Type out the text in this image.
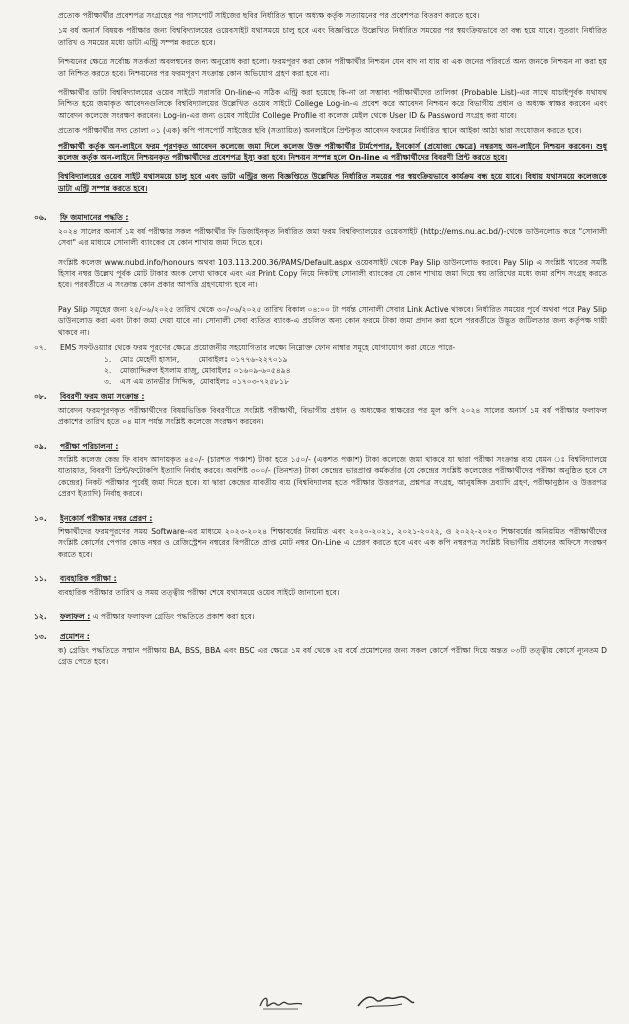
প্রত্যেক পরীক্ষার্থীর প্রবেশপত্র সংগ্রহের পর পাসপোর্ট সাইজের ছবির নির্ধারিত স্থানে অধ্যক্ষ কর্তৃক সত্যায়নের পর প্রবেশপত্র বিতরণ করতে হবে।

১ম বর্ষ অনার্স বিষয়ক পরীক্ষার জন্য বিশ্ববিদ্যালয়ের ওয়েবসাইট যথাসময়ে চালু হবে এবং বিজ্ঞপ্তিতে উল্লেখিত নির্ধারিত সময়ের পর স্বয়ংক্রিয়ভাবে তা বন্ধ হয়ে যাবে। সুতরাং নির্ধারিত তারিখ ও সময়ের মধ্যে ডাটা এন্ট্রি সম্পন্ন করতে হবে।

নিশ্চয়নের ক্ষেত্রে সর্বোচ্চ সতর্কতা অবলম্বনের জন্য অনুরোধ করা হলো। ফরমপূরণ করা কোন পরীক্ষার্থীর নিশ্চয়ন যেন বাদ না যায় বা এক জনের পরিবর্তে অন্য জনকে নিশ্চয়ন না করা হয় তা নিশ্চিত করতে হবে। নিশ্চয়নের পর ফরমপূরণ সংক্রান্ত কোন অভিযোগ গ্রহণ করা হবে না।

পরীক্ষার্থীর ডাটা বিশ্ববিদ্যালয়ের ওয়েব সাইটে সরাসরি On-line-এ সঠিক এন্ট্রি করা হয়েছে কি-না তা সম্ভাব্য পরীক্ষার্থীদের তালিকা (Probable List)-এর সাথে যাচাইপূর্বক যথাযথ নিশ্চিত হয়ে জমাকৃত আবেদনগুলিকে বিশ্ববিদ্যালয়ের উল্লেখিত ওয়েব সাইটে College Log-in-এ প্রবেশ করে আবেদন নিশ্চয়ন করে বিভাগীয় প্রধান ও অধ্যক্ষ স্বাক্ষর করবেন এবং আবেদন কলেজে সংরক্ষণ করবেন। Log-in-এর জন্য ওয়েব সাইটের College Profile বা কলেজ মেইল থেকে User ID & Password সংগ্রহ করা যাবে।

প্রত্যেক পরীক্ষার্থীর সদ্য তোলা ০১ (এক) কপি পাসপোর্ট সাইজের ছবি (সত্যায়িত) অনলাইনে প্রিন্টকৃত আবেদন ফরমের নির্ধারিত স্থানে আইকা আঠা দ্বারা সংযোজন করতে হবে।

পরীক্ষার্থী কর্তৃক অন-লাইনে ফরম পূরণকৃত আবেদন কলেজে জমা দিলে কলেজ উক্ত পরীক্ষার্থীর টার্মপেপার, ইনকোর্স (প্রযোজ্য ক্ষেত্রে) নম্বরসহ অন-লাইনে নিশ্চয়ন করবেন। শুধু কলেজ কর্তৃক অন-লাইনে নিশ্চয়নকৃত পরীক্ষার্থীদের প্রবেশপত্র ইস্যু করা হবে। নিশ্চয়ন সম্পন্ন হলে On-line এ পরীক্ষার্থীদের বিবরণী প্রিন্ট করতে হবে।

বিশ্ববিদ্যালয়ের ওয়েব সাইট যথাসময়ে চালু হবে এবং ডাটা এন্ট্রির জন্য বিজ্ঞপ্তিতে উল্লেখিত নির্ধারিত সময়ের পর স্বয়ংক্রিয়ভাবে কার্যক্রম বন্ধ হয়ে যাবে। বিধায় যথাসময়ে কলেজকে ডাটা এন্ট্রি সম্পন্ন করতে হবে।

০৬. ফি জমাদানের পদ্ধতি :

২০২৪ সালের অনার্স ১ম বর্ষ পরীক্ষার সকল পরীক্ষার্থীর ফি ডিজাইনকৃত নির্ধারিত জমা ফরম বিশ্ববিদ্যালয়ের ওয়েবসাইট (http://ems.nu.ac.bd/)-থেকে ডাউনলোড করে "সোনালী সেবা" এর মাধ্যমে সোনালী ব্যাংকের যে কোন শাখায় জমা দিতে হবে।

সংশ্লিষ্ট কলেজ www.nubd.info/honours অথবা 103.113.200.36/PAMS/Default.aspx ওয়েবসাইট থেকে Pay Slip ডাউনলোড করবে। Pay Slip এ সংশ্লিষ্ট খাতের সমষ্টি হিসাব নম্বর উল্লেখ পূর্বক মোট টাকার অংক লেখা থাকবে এবং এর Print Copy নিয়ে নিকটস্থ সোনালী ব্যাংকের যে কোন শাখায় জমা দিয়ে স্বয় তারিখের মধ্যে জমা রশিদ সংগ্রহ করতে হবে। পরবর্তীতে এ সংক্রান্ত কোন প্রকার আপত্তি গ্রহণযোগ্য হবে না।

Pay Slip সমূহের জন্য ২৫/০৬/২০২৫ তারিখ থেকে ৩০/০৬/২০২৫ তারিখ বিকাল ০৪:০০ টা পর্যন্ত সোনালী সেবার Link Active থাকবে। নির্ধারিত সময়ের পূর্বে অথবা পরে Pay Slip ডাউনলোড করা এবং টাকা জমা দেয়া যাবে না। সোনালী সেবা ব্যতিত ব্যাংক-এ প্রচলিত অন্য কোন ফরমে টাকা জমা প্রদান করা হলে পরবর্তীতে উদ্ভূত জটিলতার জন্য কর্তৃপক্ষ দায়ী থাকবে না।

০৭. EMS সফটওয়্যার থেকে ফরম পূরণের ক্ষেত্রে প্রয়োজনীয় সহযোগিতার লক্ষ্যে নিম্নোক্ত ফোন নাম্বার সমূহে যোগাযোগ করা যেতে পারে-

১. মোঃ মেহেদী হাসান,        মোবাইলঃ ০১৭৭৬-২২৭০১৯
২. মোজাদ্দিরুল ইসলাম রাজু, মোবাইলঃ ০১৬০৯-৬০৫৪৯৪
৩. এস এম তানভীর সিদ্দিক,  মোবাইলঃ ০১৭০৩-৭২৫৮১৮
০৮. বিবরণী ফরম জমা সংক্রান্ত :

আবেদন ফরমপূরণকৃত পরীক্ষার্থীদের বিষয়ভিত্তিক বিবরণীতে সংশ্লিষ্ট পরীক্ষার্থী, বিভাগীয় প্রধান ও অধ্যক্ষের স্বাক্ষরের পর মূল কপি ২০২৪ সালের অনার্স ১ম বর্ষ পরীক্ষার ফলাফল প্রকাশের তারিখ হতে ০৪ মাস পর্যন্ত সংশ্লিষ্ট কলেজে সংরক্ষণ করবেন।

০৯. পরীক্ষা পরিচালনা :

সংশ্লিষ্ট কলেজ কেন্দ্র ফি বাবদ আদায়কৃত ৪৫০/- (চারশত পঞ্চাশ) টাকা হতে ১৫০/- (একশত পঞ্চাশ) টাকা কলেজে জমা থাকবে যা দ্বারা পরীক্ষা সংক্রান্ত ব্যয় যেমন ঃ বিশ্ববিদ্যালয়ে যাতায়াত, বিবরণী প্রিন্ট/ফটোকপি ইত্যাদি নির্বাহ করবে। অবশিষ্ট ৩০০/- (তিনশত) টাকা কেন্দ্রের ভারপ্রাপ্ত কর্মকর্তার (যে কেন্দ্রের সংশ্লিষ্ট কলেজের পরীক্ষার্থীদের পরীক্ষা অনুষ্ঠিত হবে সে কেন্দ্রের) নিকট পরীক্ষার পূর্বেই জমা দিতে হবে। যা দ্বারা কেন্দ্রের যাবতীয় ব্যয় (বিশ্ববিদ্যালয় হতে পরীক্ষার উত্তরপত্র, প্রশ্নপত্র সংগ্রহ, আনুষঙ্গিক দ্রব্যাদি গ্রহণ, পরীক্ষানুষ্ঠান ও উত্তরপত্র প্রেরণ ইত্যাদি) নির্বাহ করবে।

১০. ইনকোর্স পরীক্ষার নম্বর প্রেরণ :

শিক্ষার্থীদের ফরমপূরণের সময় Software-এর মাধ্যমে ২০২৩-২০২৪ শিক্ষাবর্ষের নিয়মিত এবং ২০২০-২০২১, ২০২১-২০২২, ও ২০২২-২০২৩ শিক্ষাবর্ষের অনিয়মিত পরীক্ষার্থীদের সংশ্লিষ্ট কোর্সের পেপার কোড নম্বর ও রেজিস্ট্রেশন নম্বরের বিপরীতে প্রাপ্ত মোট নম্বর On-Line এ প্রেরণ করতে হবে এবং এক কপি নম্বরপত্র সংশ্লিষ্ট বিভাগীয় প্রধানের অফিসে সংরক্ষণ করতে হবে।

১১. ব্যবহারিক পরীক্ষা :

ব্যবহারিক পরীক্ষার তারিখ ও সময় তত্ত্বীয় পরীক্ষা শেষে যথাসময়ে ওয়েব সাইটে জানানো হবে।

১২. ফলাফল : এ পরীক্ষার ফলাফল গ্রেডিং পদ্ধতিতে প্রকাশ করা হবে।

১৩. প্রমোশন :

ক) গ্রেডিং পদ্ধতিতে সম্মান পরীক্ষায় BA, BSS, BBA এবং BSC এর ক্ষেত্রে ১ম বর্ষ থেকে ২য় বর্ষে প্রমোশনের জন্য সকল কোর্সে পরীক্ষা দিয়ে অন্তত ০৩টি তত্ত্বীয় কোর্সে ন্যূনতম D গ্রেড পেতে হবে।
